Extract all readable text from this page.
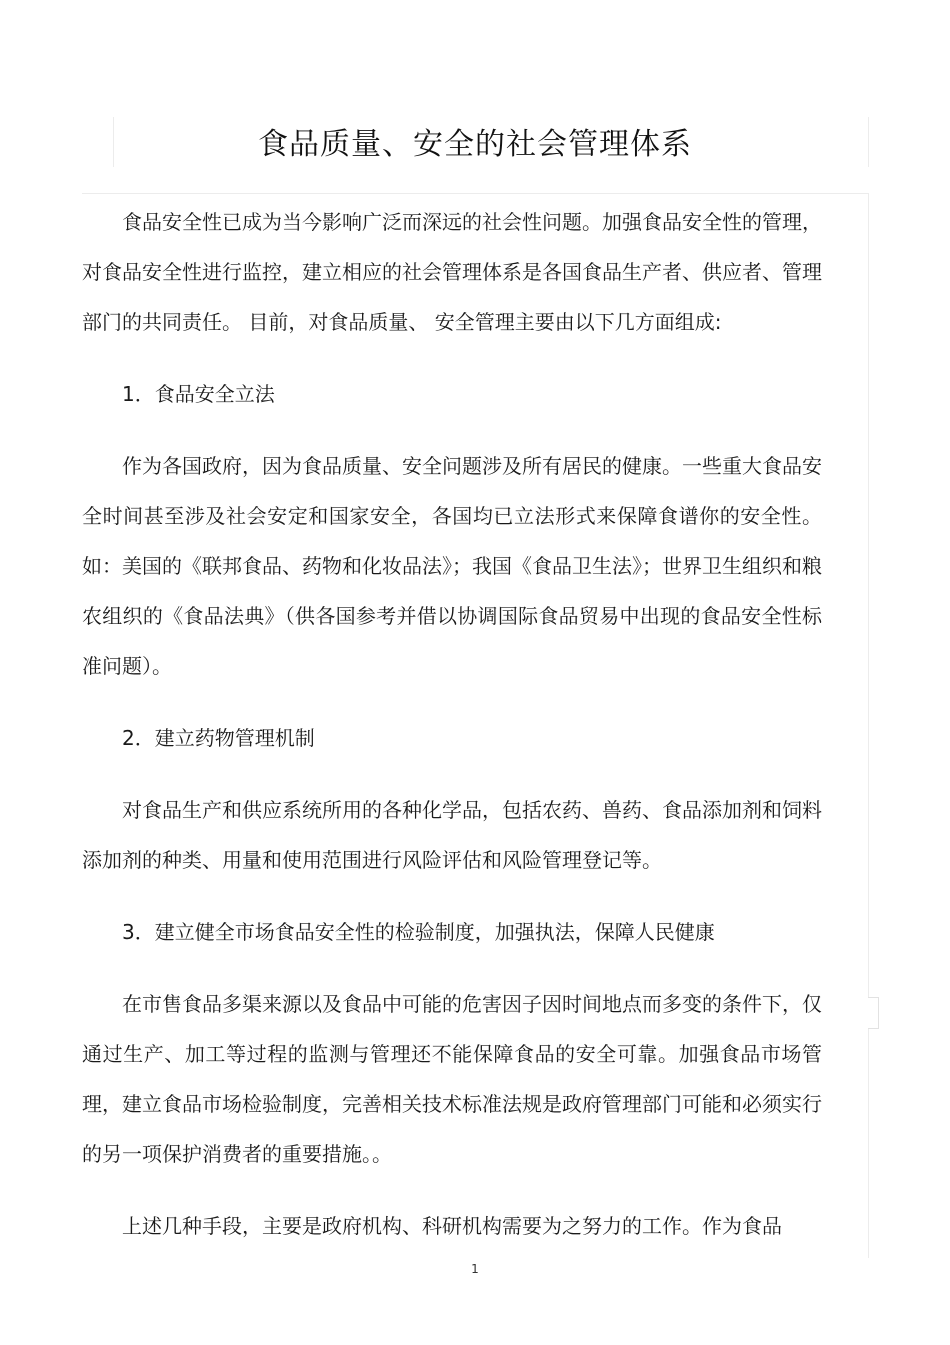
食品质量、安全的社会管理体系

食品安全性已成为当今影响广泛而深远的社会性问题。加强食品安全性的管理，对食品安全性进行监控，建立相应的社会管理体系是各国食品生产者、供应者、管理部门的共同责任。 目前，对食品质量、 安全管理主要由以下几方面组成:

1．食品安全立法

作为各国政府，因为食品质量、安全问题涉及所有居民的健康。一些重大食品安全时间甚至涉及社会安定和国家安全，各国均已立法形式来保障食谱你的安全性。如：美国的《联邦食品、药物和化妆品法》；我国《食品卫生法》；世界卫生组织和粮农组织的《食品法典》（供各国参考并借以协调国际食品贸易中出现的食品安全性标准问题）。

2．建立药物管理机制

对食品生产和供应系统所用的各种化学品，包括农药、兽药、食品添加剂和饲料添加剂的种类、用量和使用范围进行风险评估和风险管理登记等。

3．建立健全市场食品安全性的检验制度，加强执法，保障人民健康

在市售食品多渠来源以及食品中可能的危害因子因时间地点而多变的条件下，仅通过生产、加工等过程的监测与管理还不能保障食品的安全可靠。加强食品市场管理，建立食品市场检验制度，完善相关技术标准法规是政府管理部门可能和必须实行的另一项保护消费者的重要措施。。

上述几种手段，主要是政府机构、科研机构需要为之努力的工作。作为食品

1
